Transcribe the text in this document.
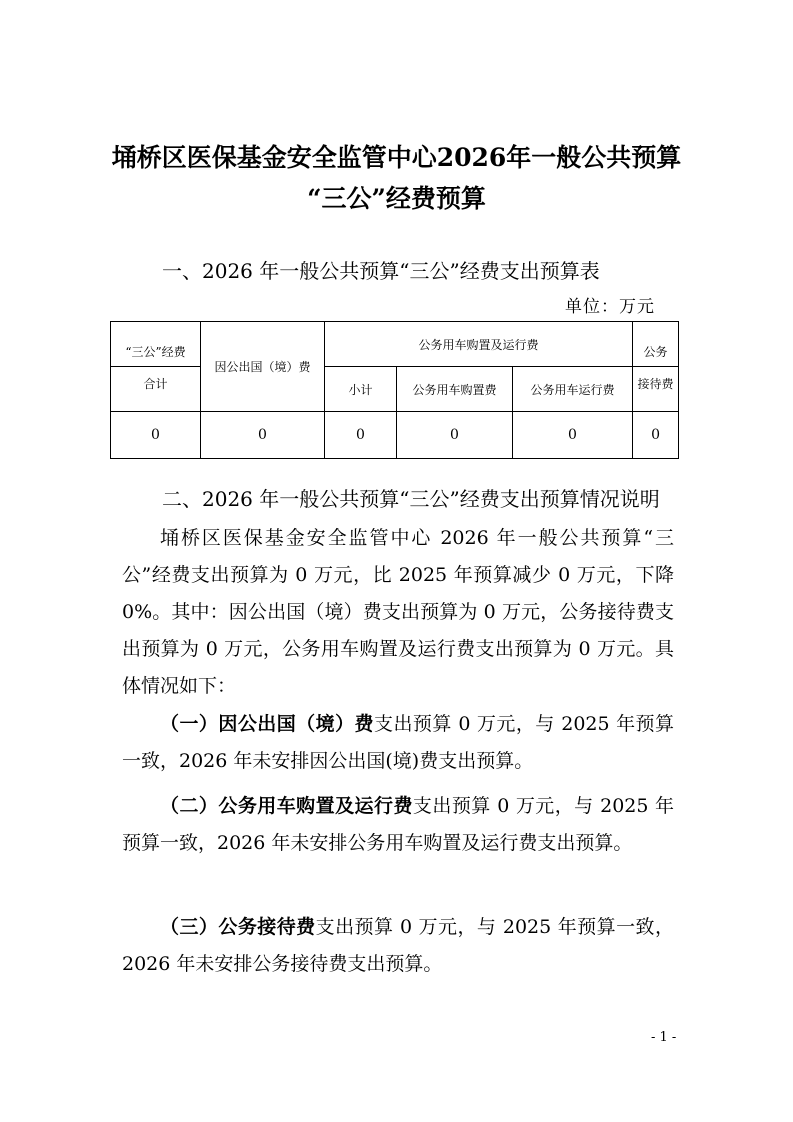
埇桥区医保基金安全监管中心2026年一般公共预算
“三公”经费预算
一、2026 年一般公共预算“三公”经费支出预算表
单位：万元
“三公”经费	因公出国（境）费	公务用车购置及运行费			公务
合计		小计	公务用车购置费	公务用车运行费	接待费
0	0	0	0	0	0
二、2026 年一般公共预算“三公”经费支出预算情况说明
埇桥区医保基金安全监管中心 2026 年一般公共预算“三公”经费支出预算为 0 万元，比 2025 年预算减少 0 万元，下降 0%。其中：因公出国（境）费支出预算为 0 万元，公务接待费支出预算为 0 万元，公务用车购置及运行费支出预算为 0 万元。具体情况如下：
（一）因公出国（境）费支出预算 0 万元，与 2025 年预算一致，2026 年未安排因公出国(境)费支出预算。
（二）公务用车购置及运行费支出预算 0 万元，与 2025 年预算一致，2026 年未安排公务用车购置及运行费支出预算。
（三）公务接待费支出预算 0 万元，与 2025 年预算一致，2026 年未安排公务接待费支出预算。
- 1 -
